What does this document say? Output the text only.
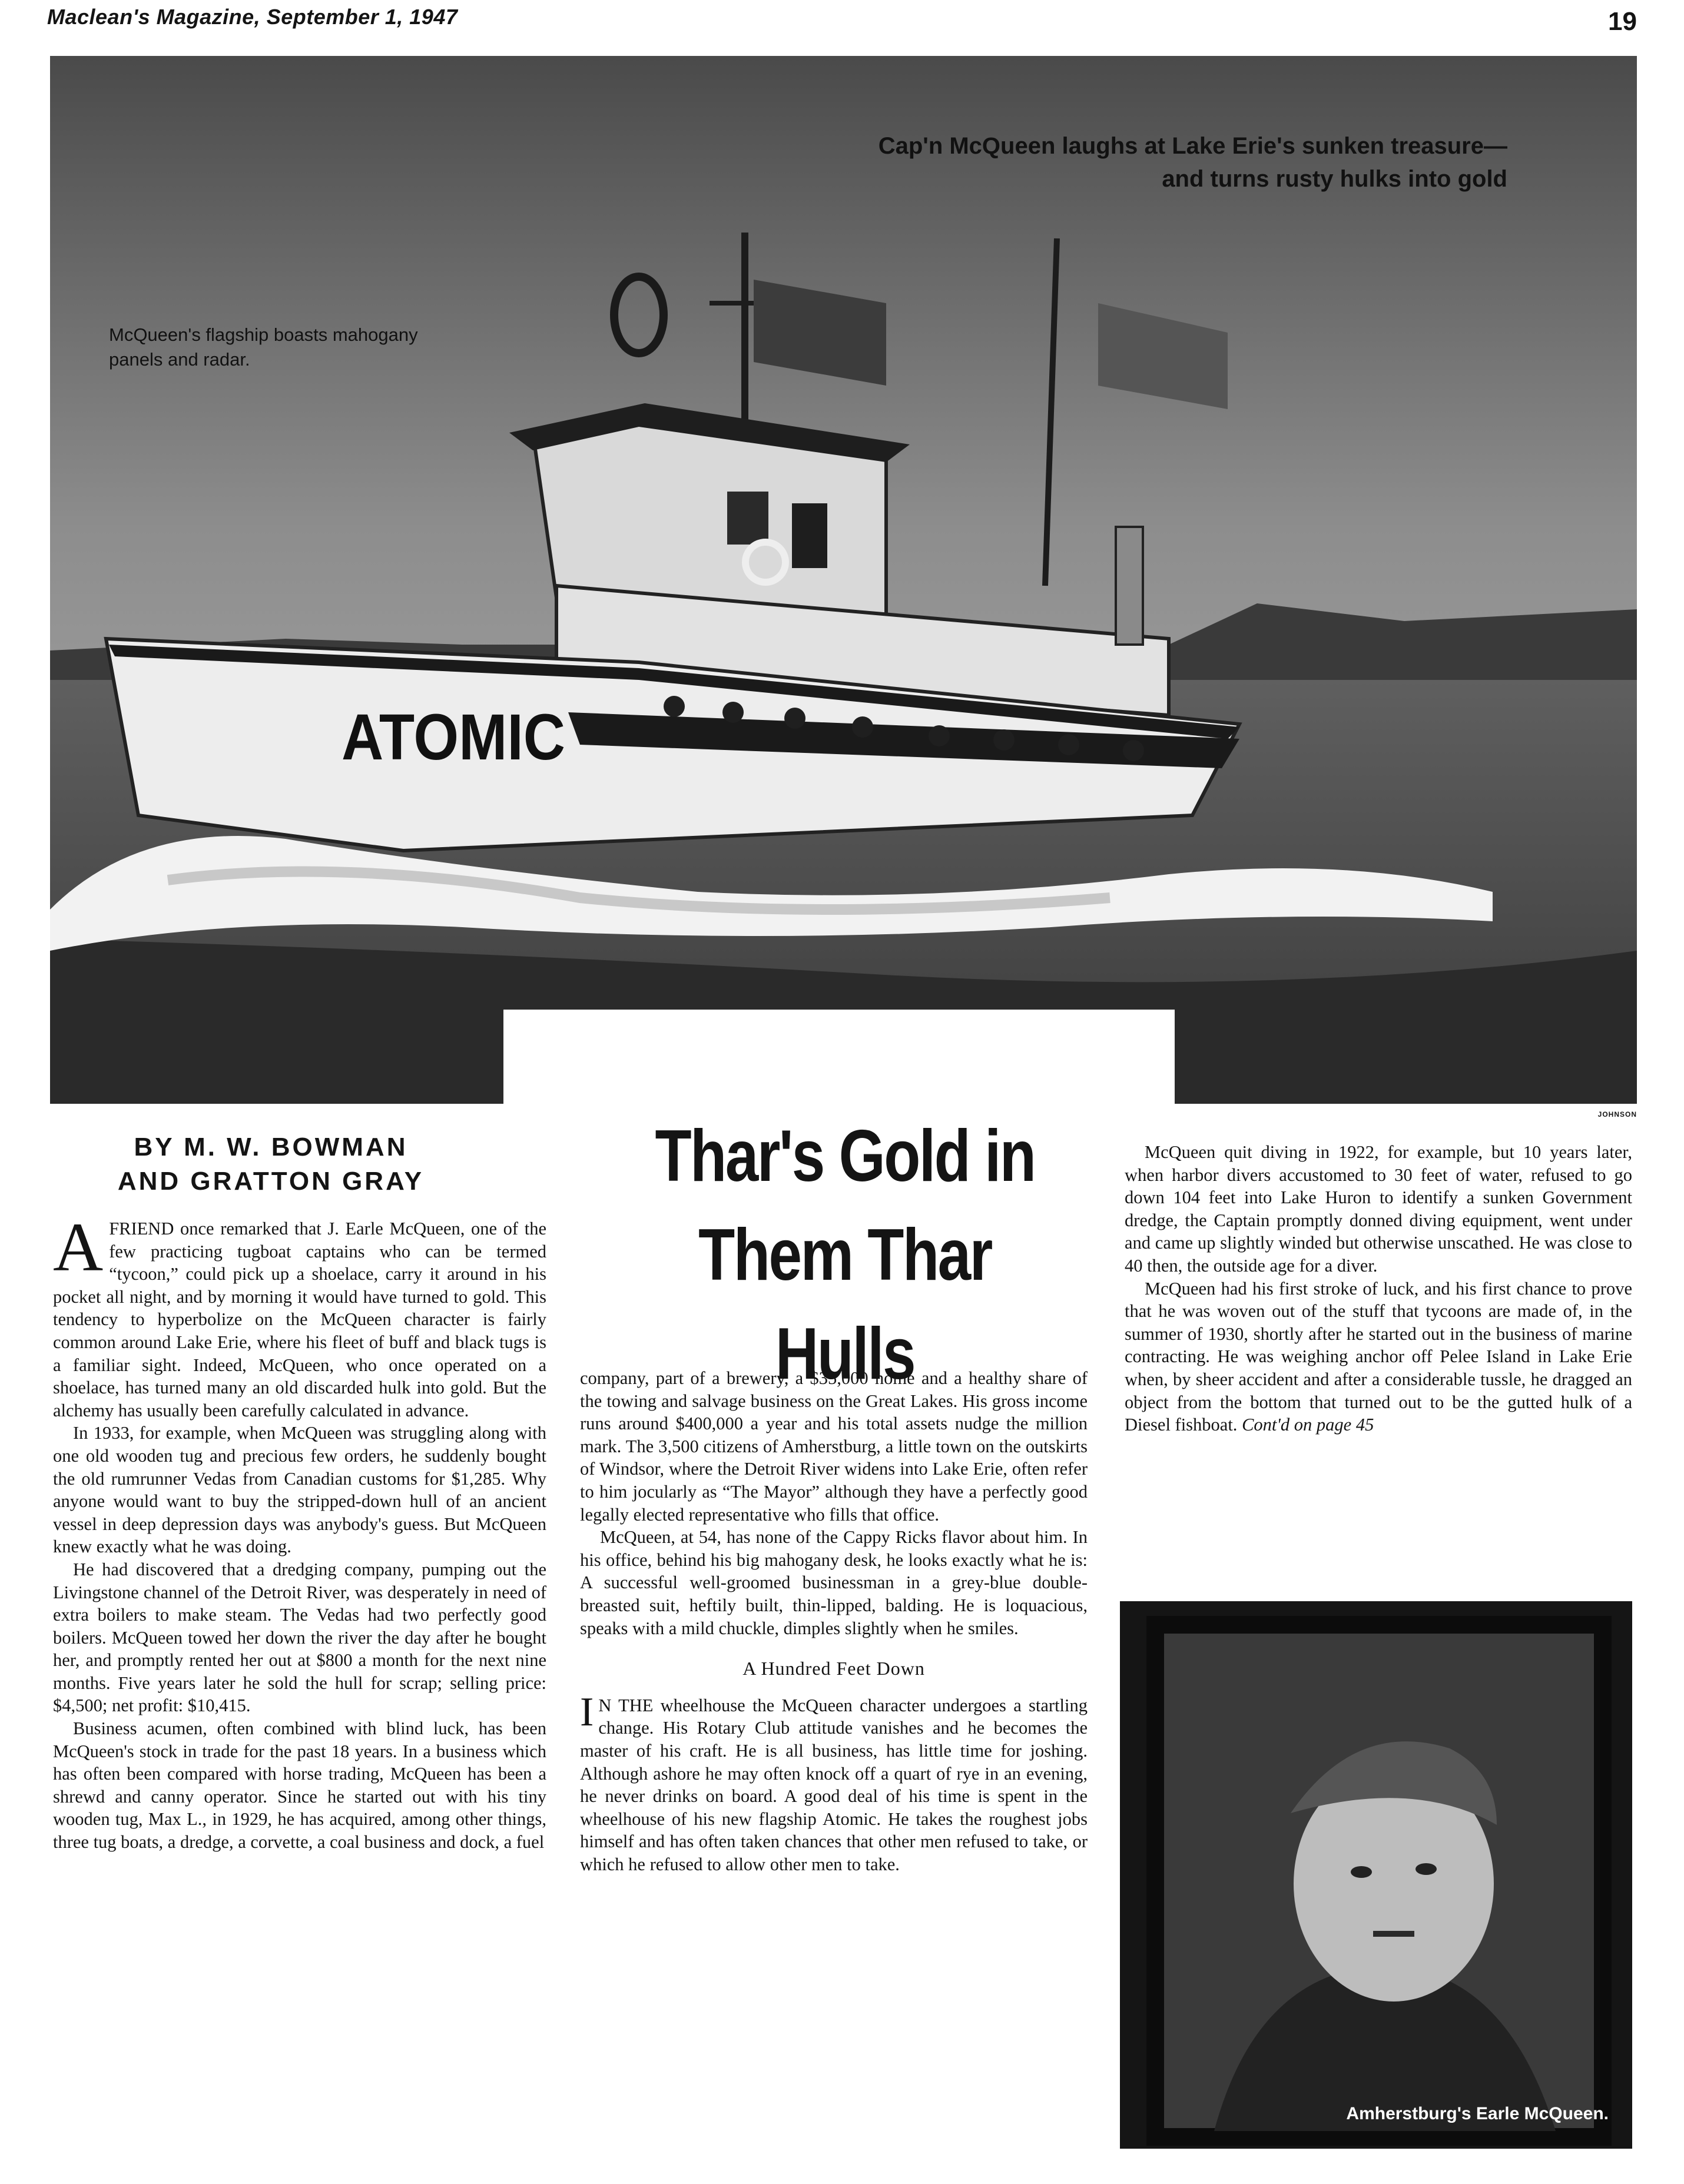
Maclean's Magazine, September 1, 1947	19
ATOMIC
Cap'n McQueen laughs at Lake Erie's sunken treasure—and turns rusty hulks into gold
McQueen's flagship boasts mahogany panels and radar.
JOHNSON
BY M. W. BOWMAN
AND GRATTON GRAY	Thar's Gold in
Them Thar Hulls

AFRIEND once remarked that J. Earle McQueen, one of the few practicing tugboat captains who can be termed “tycoon,” could pick up a shoelace, carry it around in his pocket all night, and by morning it would have turned to gold. This tendency to hyperbolize on the McQueen character is fairly common around Lake Erie, where his fleet of buff and black tugs is a familiar sight. Indeed, McQueen, who once operated on a shoelace, has turned many an old discarded hulk into gold. But the alchemy has usually been carefully calculated in advance.

In 1933, for example, when McQueen was struggling along with one old wooden tug and precious few orders, he suddenly bought the old rumrunner Vedas from Canadian customs for $1,285. Why anyone would want to buy the stripped-down hull of an ancient vessel in deep depression days was anybody's guess. But McQueen knew exactly what he was doing.

He had discovered that a dredging company, pumping out the Livingstone channel of the Detroit River, was desperately in need of extra boilers to make steam. The Vedas had two perfectly good boilers. McQueen towed her down the river the day after he bought her, and promptly rented her out at $800 a month for the next nine months. Five years later he sold the hull for scrap; selling price: $4,500; net profit: $10,415.

Business acumen, often combined with blind luck, has been McQueen's stock in trade for the past 18 years. In a business which has often been compared with horse trading, McQueen has been a shrewd and canny operator. Since he started out with his tiny wooden tug, Max L., in 1929, he has acquired, among other things, three tug boats, a dredge, a corvette, a coal business and dock, a fuel

company, part of a brewery, a $35,000 home and a healthy share of the towing and salvage business on the Great Lakes. His gross income runs around $400,000 a year and his total assets nudge the million mark. The 3,500 citizens of Amherstburg, a little town on the outskirts of Windsor, where the Detroit River widens into Lake Erie, often refer to him jocularly as “The Mayor” although they have a perfectly good legally elected representative who fills that office.

McQueen, at 54, has none of the Cappy Ricks flavor about him. In his office, behind his big mahogany desk, he looks exactly what he is: A successful well-groomed businessman in a grey-blue double-breasted suit, heftily built, thin-lipped, balding. He is loquacious, speaks with a mild chuckle, dimples slightly when he smiles.

A Hundred Feet Down

I N THE wheelhouse the McQueen character undergoes a startling change. His Rotary Club attitude vanishes and he becomes the master of his craft. He is all business, has little time for joshing. Although ashore he may often knock off a quart of rye in an evening, he never drinks on board. A good deal of his time is spent in the wheelhouse of his new flagship Atomic. He takes the roughest jobs himself and has often taken chances that other men refused to take, or which he refused to allow other men to take.

McQueen quit diving in 1922, for example, but 10 years later, when harbor divers accustomed to 30 feet of water, refused to go down 104 feet into Lake Huron to identify a sunken Government dredge, the Captain promptly donned diving equipment, went under and came up slightly winded but otherwise unscathed. He was close to 40 then, the outside age for a diver.

McQueen had his first stroke of luck, and his first chance to prove that he was woven out of the stuff that tycoons are made of, in the summer of 1930, shortly after he started out in the business of marine contracting. He was weighing anchor off Pelee Island in Lake Erie when, by sheer accident and after a considerable tussle, he dragged an object from the bottom that turned out to be the gutted hulk of a Diesel fishboat. Cont'd on page 45

Amherstburg's Earle McQueen.
